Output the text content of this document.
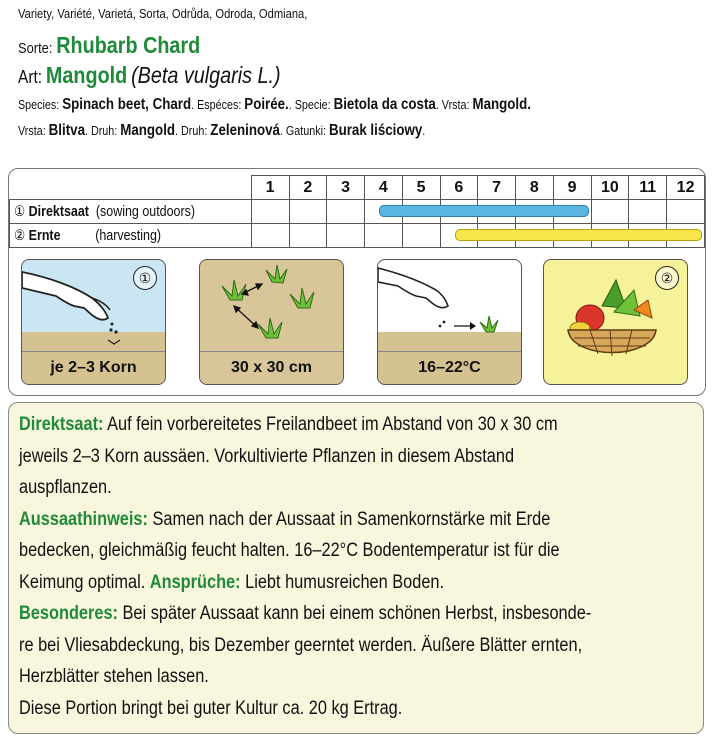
Variety, Variété, Varietá, Sorta, Odrůda, Odroda, Odmiana,
Sorte: Rhubarb Chard
Art: Mangold (Beta vulgaris L.)
Species: Spinach beet, Chard. Espéces: Poirée.. Specie: Bietola da costa. Vrsta: Mangold.
Vrsta: Blitva. Druh: Mangold. Druh: Zeleninová. Gatunki: Burak liściowy.
	1	2	3	4	5	6	7	8	9	10	11	12
① Direktsaat (sowing outdoors)												
② Ernte (harvesting)												
①
je 2–3 Korn	30 x 30 cm	16–22°C
②
Direktsaat: Auf fein vorbereitetes Freilandbeet im Abstand von 30 x 30 cm
jeweils 2–3 Korn aussäen. Vorkultivierte Pflanzen in diesem Abstand
auspflanzen.
Aussaathinweis: Samen nach der Aussaat in Samenkornstärke mit Erde
bedecken, gleichmäßig feucht halten. 16–22°C Bodentemperatur ist für die
Keimung optimal. Ansprüche: Liebt humusreichen Boden.
Besonderes: Bei später Aussaat kann bei einem schönen Herbst, insbesonde-
re bei Vliesabdeckung, bis Dezember geerntet werden. Äußere Blätter ernten,
Herzblätter stehen lassen.
Diese Portion bringt bei guter Kultur ca. 20 kg Ertrag.
